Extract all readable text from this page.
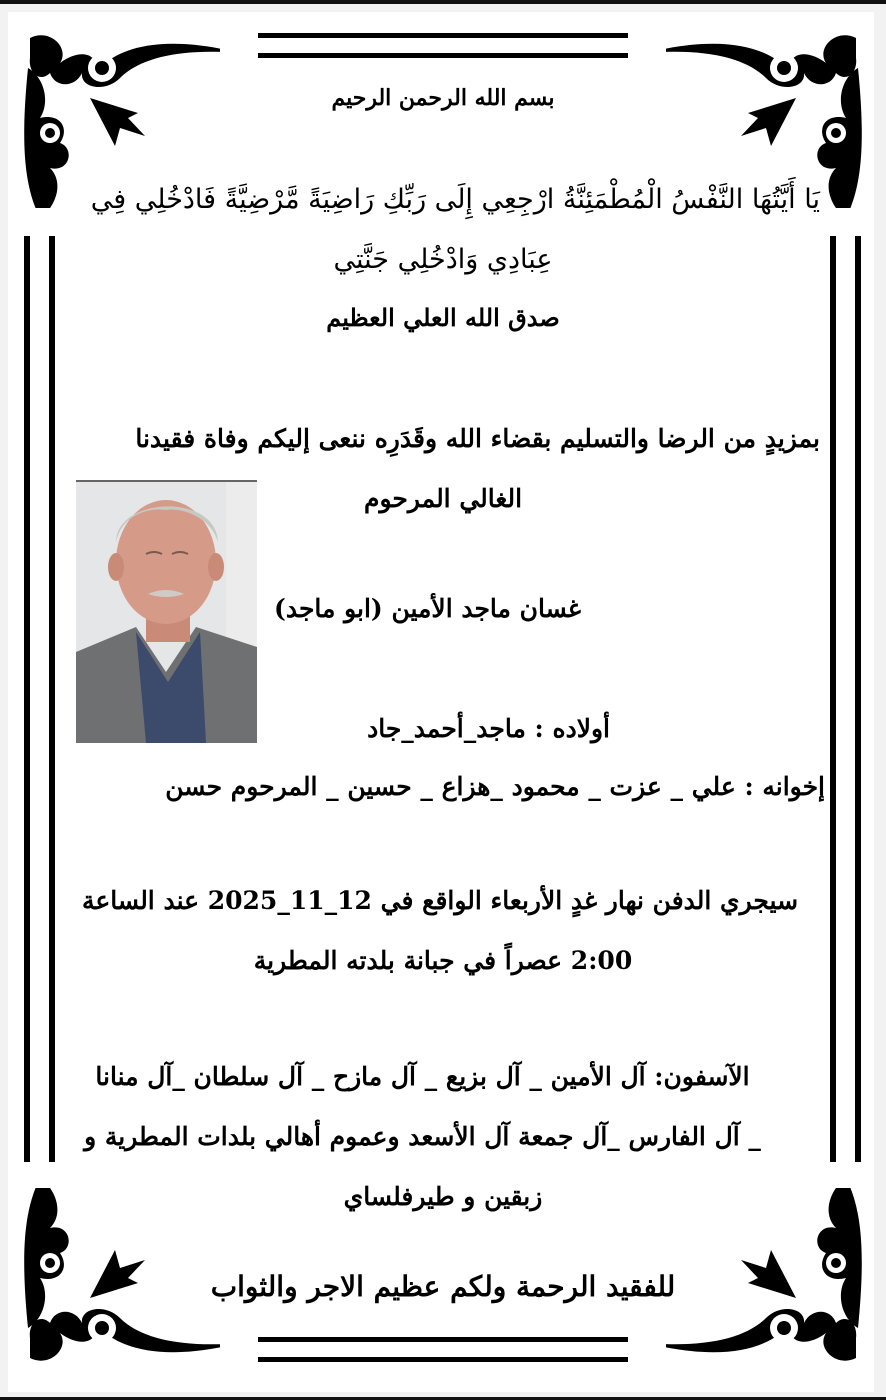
بسم الله الرحمن الرحيم
يَا أَيَّتُهَا النَّفْسُ الْمُطْمَئِنَّةُ ارْجِعِي إِلَى رَبِّكِ رَاضِيَةً مَّرْضِيَّةً فَادْخُلِي فِي
عِبَادِي وَادْخُلِي جَنَّتِي
صدق الله العلي العظيم
بمزيدٍ من الرضا والتسليم بقضاء الله وقَدَرِه ننعى إليكم وفاة فقيدنا
الغالي المرحوم
غسان ماجد الأمين (ابو ماجد)
أولاده : ماجد_أحمد_جاد
إخوانه : علي _ عزت _ محمود _هزاع _ حسين _ المرحوم حسن
سيجري الدفن نهار غدٍ الأربعاء الواقع في 12_11_2025 عند الساعة
2:00 عصراً في جبانة بلدته المطرية
الآسفون: آل الأمين _ آل بزيع _ آل مازح _ آل سلطان _آل منانا
_ آل الفارس _آل جمعة آل الأسعد وعموم أهالي بلدات المطرية و
زبقين و طيرفلساي
للفقيد الرحمة ولكم عظيم الاجر والثواب
